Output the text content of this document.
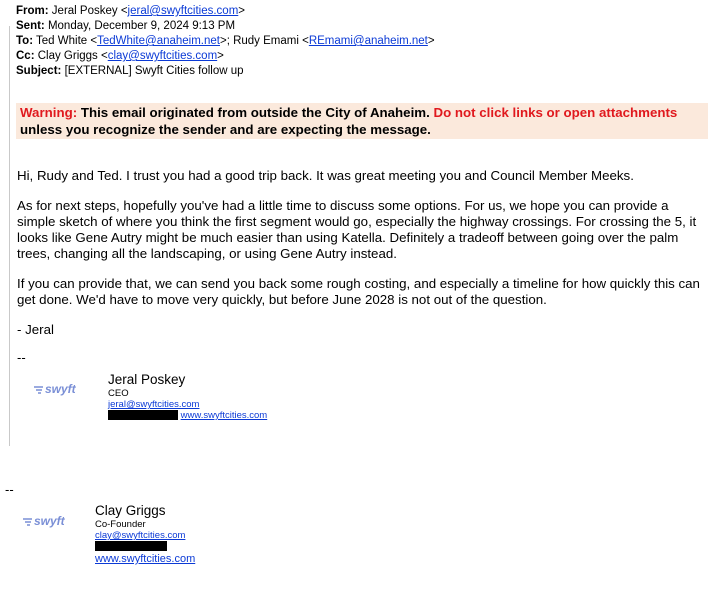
From: Jeral Poskey <jeral@swyftcities.com>
Sent: Monday, December 9, 2024 9:13 PM
To: Ted White <TedWhite@anaheim.net>; Rudy Emami <REmami@anaheim.net>
Cc: Clay Griggs <clay@swyftcities.com>
Subject: [EXTERNAL] Swyft Cities follow up
Warning: This email originated from outside the City of Anaheim. Do not click links or open attachments unless you recognize the sender and are expecting the message.

Hi, Rudy and Ted. I trust you had a good trip back. It was great meeting you and Council Member Meeks.

As for next steps, hopefully you've had a little time to discuss some options. For us, we hope you can provide a simple sketch of where you think the first segment would go, especially the highway crossings. For crossing the 5, it looks like Gene Autry might be much easier than using Katella. Definitely a tradeoff between going over the palm trees, changing all the landscaping, or using Gene Autry instead.

If you can provide that, we can send you back some rough costing, and especially a timeline for how quickly this can get done. We'd have to move very quickly, but before June 2028 is not out of the question.

- Jeral

--
swyft
Jeral Poskey
CEO
jeral@swyftcities.com
www.swyftcities.com
--
swyft
Clay Griggs
Co-Founder
clay@swyftcities.com
www.swyftcities.com
